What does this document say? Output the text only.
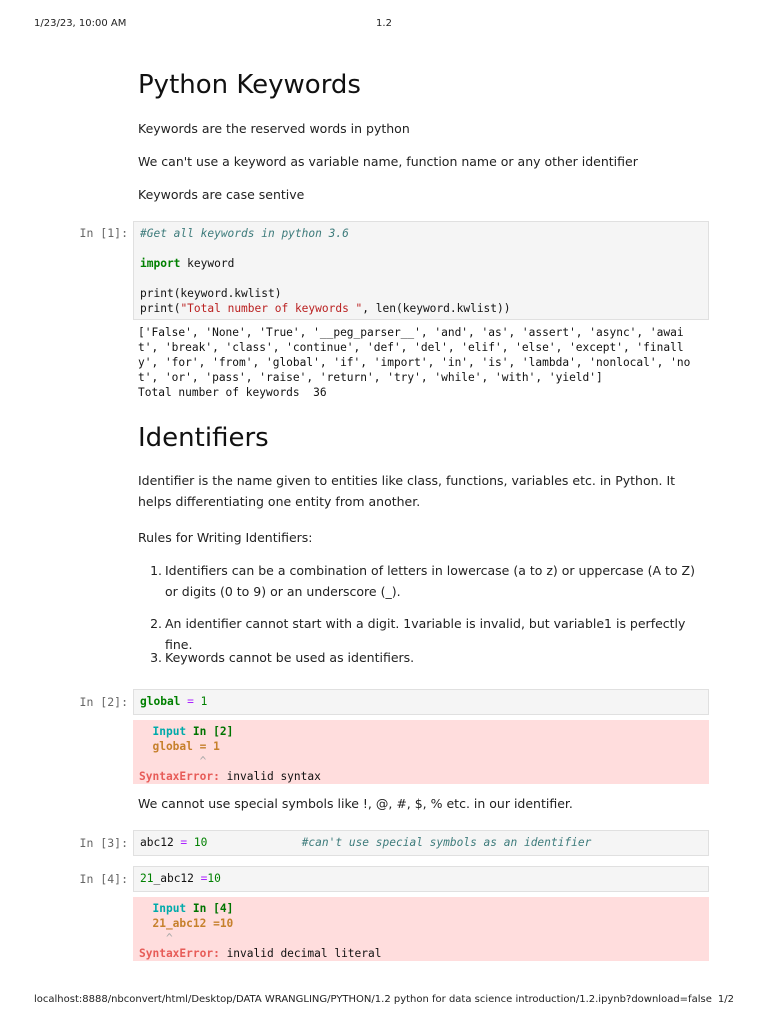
1/23/23, 10:00 AM	1.2
Python Keywords
Keywords are the reserved words in python
We can't use a keyword as variable name, function name or any other identifier
Keywords are case sentive
In [1]:	#Get all keywords in python 3.6

import keyword

print(keyword.kwlist)
print("Total number of keywords ", len(keyword.kwlist))
['False', 'None', 'True', '__peg_parser__', 'and', 'as', 'assert', 'async', 'awai
t', 'break', 'class', 'continue', 'def', 'del', 'elif', 'else', 'except', 'finall
y', 'for', 'from', 'global', 'if', 'import', 'in', 'is', 'lambda', 'nonlocal', 'no
t', 'or', 'pass', 'raise', 'return', 'try', 'while', 'with', 'yield']
Total number of keywords  36
Identifiers
Identifier is the name given to entities like class, functions, variables etc. in Python. It helps differentiating one entity from another.
Rules for Writing Identifiers:
1. Identifiers can be a combination of letters in lowercase (a to z) or uppercase (A to Z) or digits (0 to 9) or an underscore (_).
2. An identifier cannot start with a digit. 1variable is invalid, but variable1 is perfectly fine.
3. Keywords cannot be used as identifiers.
In [2]:	global = 1
Input In [2]
global = 1
^
SyntaxError: invalid syntax
We cannot use special symbols like !, @, #, $, % etc. in our identifier.
In [3]:	abc12 = 10	#can't use special symbols as an identifier
In [4]:	21_abc12 =10
Input In [4]
21_abc12 =10
^
SyntaxError: invalid decimal literal
localhost:8888/nbconvert/html/Desktop/DATA WRANGLING/PYTHON/1.2 python for data science introduction/1.2.ipynb?download=false 1/2
